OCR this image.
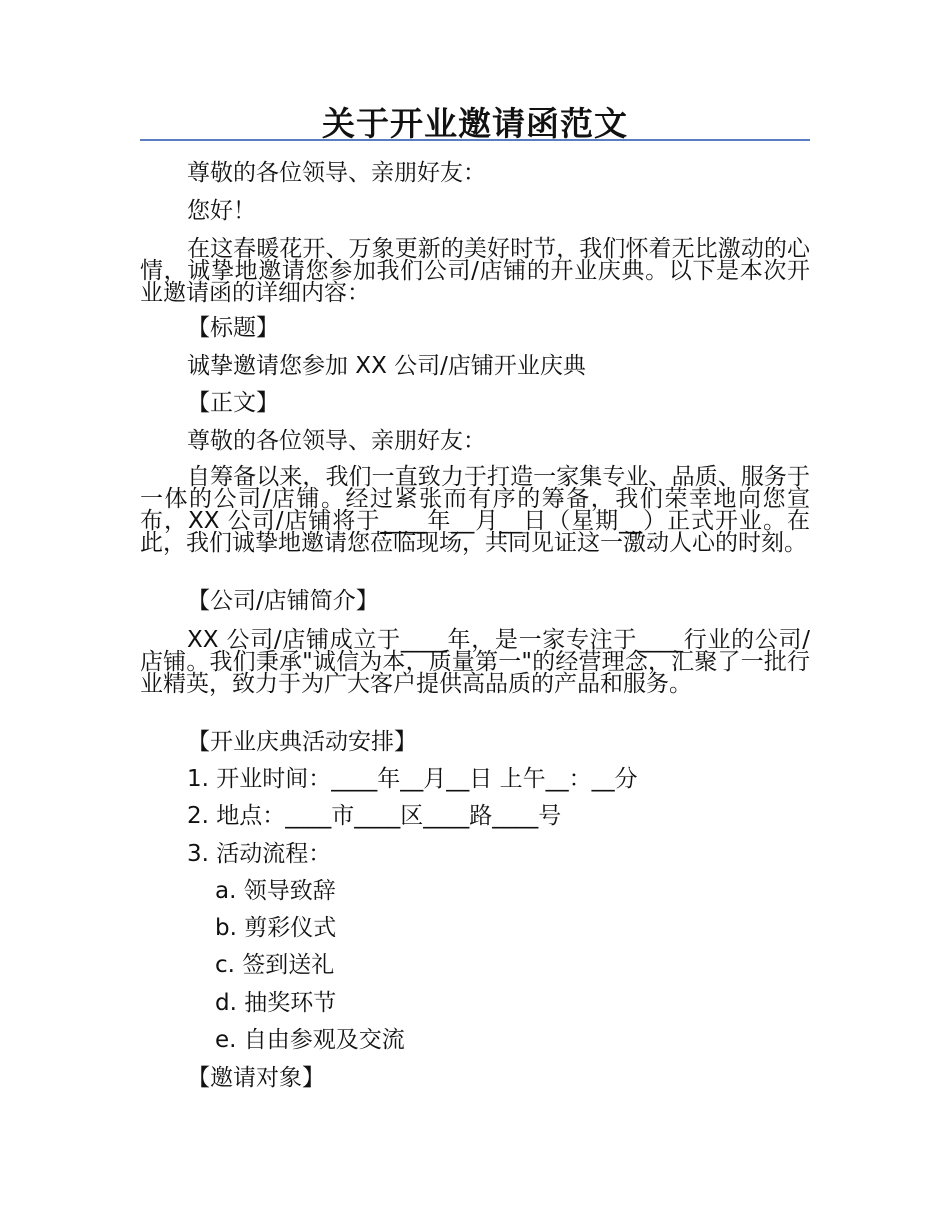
关于开业邀请函范文
尊敬的各位领导、亲朋好友：
您好！
在这春暖花开、万象更新的美好时节，我们怀着无比激动的心情，诚挚地邀请您参加我们公司/店铺的开业庆典。以下是本次开业邀请函的详细内容：
【标题】
诚挚邀请您参加 XX 公司/店铺开业庆典
【正文】
尊敬的各位领导、亲朋好友：
自筹备以来，我们一直致力于打造一家集专业、品质、服务于一体的公司/店铺。经过紧张而有序的筹备，我们荣幸地向您宣布，XX 公司/店铺将于____年__月__日（星期__）正式开业。在此，我们诚挚地邀请您莅临现场，共同见证这一激动人心的时刻。
【公司/店铺简介】
XX 公司/店铺成立于____年，是一家专注于____行业的公司/店铺。我们秉承"诚信为本，质量第一"的经营理念，汇聚了一批行业精英，致力于为广大客户提供高品质的产品和服务。
【开业庆典活动安排】
1. 开业时间：____年__月__日 上午__：__分
2. 地点：____市____区____路____号
3. 活动流程：
a. 领导致辞
b. 剪彩仪式
c. 签到送礼
d. 抽奖环节
e. 自由参观及交流
【邀请对象】
